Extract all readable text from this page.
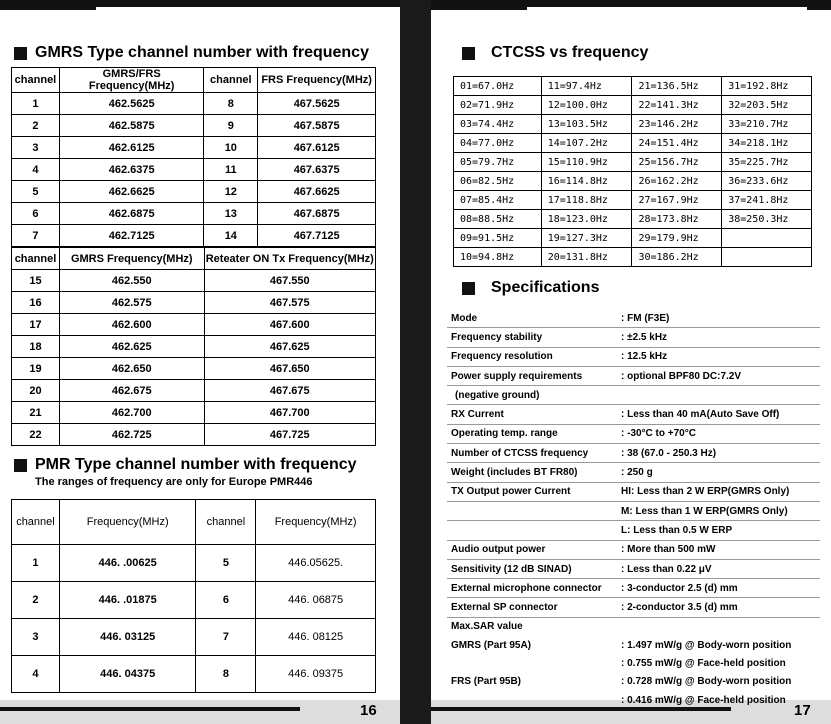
GMRS Type channel number with frequency
channel	GMRS/FRS Frequency(MHz)	channel	FRS Frequency(MHz)
1	462.5625	8	467.5625
2	462.5875	9	467.5875
3	462.6125	10	467.6125
4	462.6375	11	467.6375
5	462.6625	12	467.6625
6	462.6875	13	467.6875
7	462.7125	14	467.7125
channel	GMRS Frequency(MHz)	Reteater ON Tx Frequency(MHz)
15	462.550	467.550
16	462.575	467.575
17	462.600	467.600
18	462.625	467.625
19	462.650	467.650
20	462.675	467.675
21	462.700	467.700
22	462.725	467.725
PMR Type channel number with frequency
The ranges of frequency are only for Europe PMR446
channel	Frequency(MHz)	channel	Frequency(MHz)
1	446. .00625	5	446.05625.
2	446. .01875	6	446. 06875
3	446. 03125	7	446. 08125
4	446. 04375	8	446. 09375
16
CTCSS vs frequency
01=67.0Hz	11=97.4Hz	21=136.5Hz	31=192.8Hz
02=71.9Hz	12=100.0Hz	22=141.3Hz	32=203.5Hz
03=74.4Hz	13=103.5Hz	23=146.2Hz	33=210.7Hz
04=77.0Hz	14=107.2Hz	24=151.4Hz	34=218.1Hz
05=79.7Hz	15=110.9Hz	25=156.7Hz	35=225.7Hz
06=82.5Hz	16=114.8Hz	26=162.2Hz	36=233.6Hz
07=85.4Hz	17=118.8Hz	27=167.9Hz	37=241.8Hz
08=88.5Hz	18=123.0Hz	28=173.8Hz	38=250.3Hz
09=91.5Hz	19=127.3Hz	29=179.9Hz	
10=94.8Hz	20=131.8Hz	30=186.2Hz	
Specifications
17
Mode	: FM (F3E)
Frequency stability	: ±2.5 kHz
Frequency resolution	: 12.5 kHz
Power supply requirements	: optional BPF80 DC:7.2V
(negative ground)
RX Current	: Less than 40 mA(Auto Save Off)
Operating temp. range	: -30°C to +70°C
Number of CTCSS frequency	: 38 (67.0 - 250.3 Hz)
Weight (includes BT FR80)	: 250 g
TX Output power Current	HI: Less than 2 W ERP(GMRS Only)
M: Less than 1 W ERP(GMRS Only)
L: Less than 0.5 W ERP
Audio output power	: More than 500 mW
Sensitivity (12 dB SINAD)	: Less than 0.22 μV
External microphone connector	: 3-conductor 2.5 (d) mm
External SP connector	: 2-conductor 3.5 (d) mm
Max.SAR value
GMRS (Part 95A)	: 1.497 mW/g @ Body-worn position
: 0.755 mW/g @ Face-held position
FRS (Part 95B)	: 0.728 mW/g @ Body-worn position
: 0.416 mW/g @ Face-held position
